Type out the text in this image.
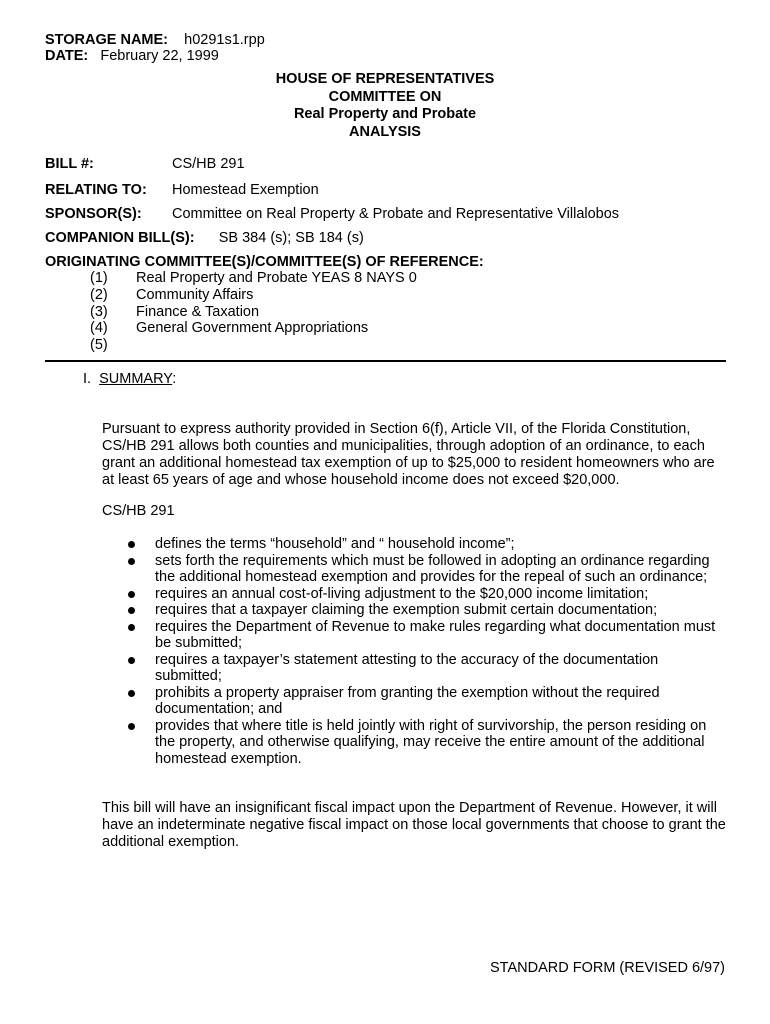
STORAGE NAME: h0291s1.rpp
DATE: February 22, 1999
HOUSE OF REPRESENTATIVES
COMMITTEE ON
Real Property and Probate
ANALYSIS
BILL #:	CS/HB 291
RELATING TO: Homestead Exemption
SPONSOR(S): Committee on Real Property & Probate and Representative Villalobos
COMPANION BILL(S): SB 384 (s); SB 184 (s)
ORIGINATING COMMITTEE(S)/COMMITTEE(S) OF REFERENCE:
(1) Real Property and Probate YEAS 8 NAYS 0
(2) Community Affairs
(3) Finance & Taxation
(4) General Government Appropriations
(5)
I. SUMMARY:
Pursuant to express authority provided in Section 6(f), Article VII, of the Florida Constitution, CS/HB 291 allows both counties and municipalities, through adoption of an ordinance, to each grant an additional homestead tax exemption of up to $25,000 to resident homeowners who are at least 65 years of age and whose household income does not exceed $20,000.
CS/HB 291
defines the terms “household” and “ household income”;
sets forth the requirements which must be followed in adopting an ordinance regarding the additional homestead exemption and provides for the repeal of such an ordinance;
requires an annual cost-of-living adjustment to the $20,000 income limitation;
requires that a taxpayer claiming the exemption submit certain documentation;
requires the Department of Revenue to make rules regarding what documentation must be submitted;
requires a taxpayer’s statement attesting to the accuracy of the documentation submitted;
prohibits a property appraiser from granting the exemption without the required documentation; and
provides that where title is held jointly with right of survivorship, the person residing on the property, and otherwise qualifying, may receive the entire amount of the additional homestead exemption.
This bill will have an insignificant fiscal impact upon the Department of Revenue. However, it will have an indeterminate negative fiscal impact on those local governments that choose to grant the additional exemption.
STANDARD FORM (REVISED 6/97)
